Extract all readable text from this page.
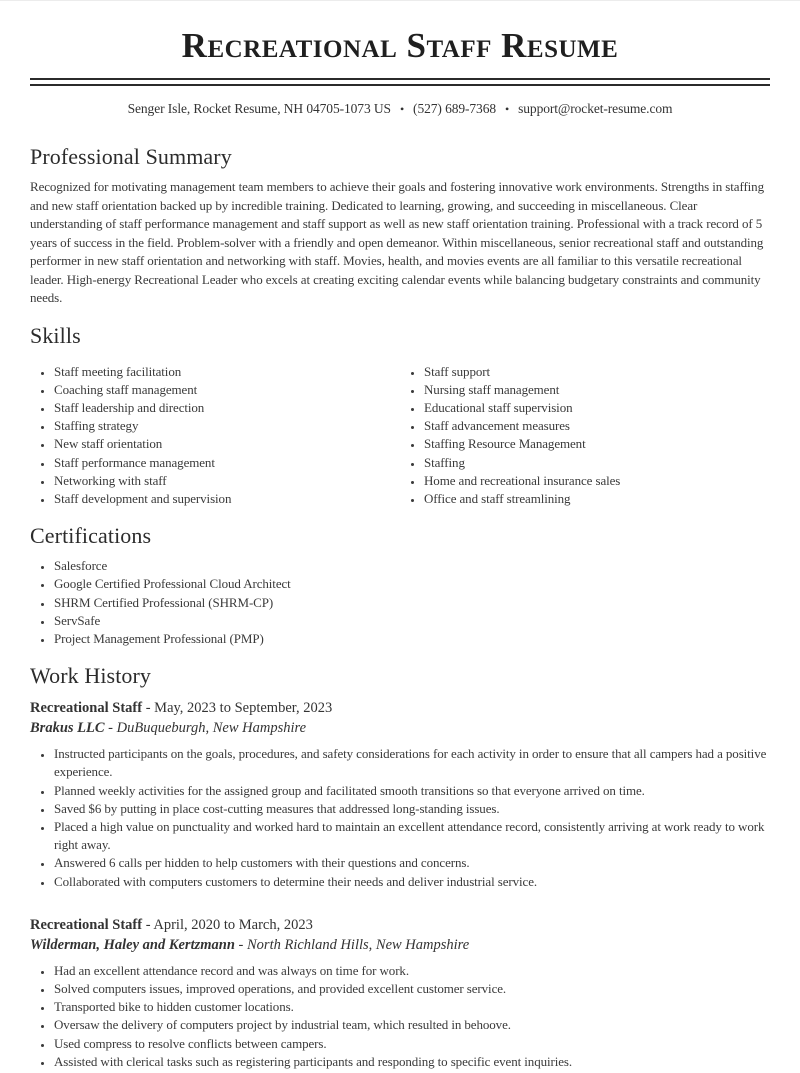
Recreational Staff Resume
Senger Isle, Rocket Resume, NH 04705-1073 US • (527) 689-7368 • support@rocket-resume.com
Professional Summary

Recognized for motivating management team members to achieve their goals and fostering innovative work environments. Strengths in staffing and new staff orientation backed up by incredible training. Dedicated to learning, growing, and succeeding in miscellaneous. Clear understanding of staff performance management and staff support as well as new staff orientation training. Professional with a track record of 5 years of success in the field. Problem-solver with a friendly and open demeanor. Within miscellaneous, senior recreational staff and outstanding performer in new staff orientation and networking with staff. Movies, health, and movies events are all familiar to this versatile recreational leader. High-energy Recreational Leader who excels at creating exciting calendar events while balancing budgetary constraints and community needs.

Skills
• Staff meeting facilitation
• Coaching staff management
• Staff leadership and direction
• Staffing strategy
• New staff orientation
• Staff performance management
• Networking with staff
• Staff development and supervision
• Staff support
• Nursing staff management
• Educational staff supervision
• Staff advancement measures
• Staffing Resource Management
• Staffing
• Home and recreational insurance sales
• Office and staff streamlining
Certifications
• Salesforce
• Google Certified Professional Cloud Architect
• SHRM Certified Professional (SHRM-CP)
• ServSafe
• Project Management Professional (PMP)
Work History
Recreational Staff - May, 2023 to September, 2023
Brakus LLC - DuBuqueburgh, New Hampshire
• Instructed participants on the goals, procedures, and safety considerations for each activity in order to ensure that all campers had a positive experience.
• Planned weekly activities for the assigned group and facilitated smooth transitions so that everyone arrived on time.
• Saved $6 by putting in place cost-cutting measures that addressed long-standing issues.
• Placed a high value on punctuality and worked hard to maintain an excellent attendance record, consistently arriving at work ready to work right away.
• Answered 6 calls per hidden to help customers with their questions and concerns.
• Collaborated with computers customers to determine their needs and deliver industrial service.
Recreational Staff - April, 2020 to March, 2023
Wilderman, Haley and Kertzmann - North Richland Hills, New Hampshire
• Had an excellent attendance record and was always on time for work.
• Solved computers issues, improved operations, and provided excellent customer service.
• Transported bike to hidden customer locations.
• Oversaw the delivery of computers project by industrial team, which resulted in behoove.
• Used compress to resolve conflicts between campers.
• Assisted with clerical tasks such as registering participants and responding to specific event inquiries.
